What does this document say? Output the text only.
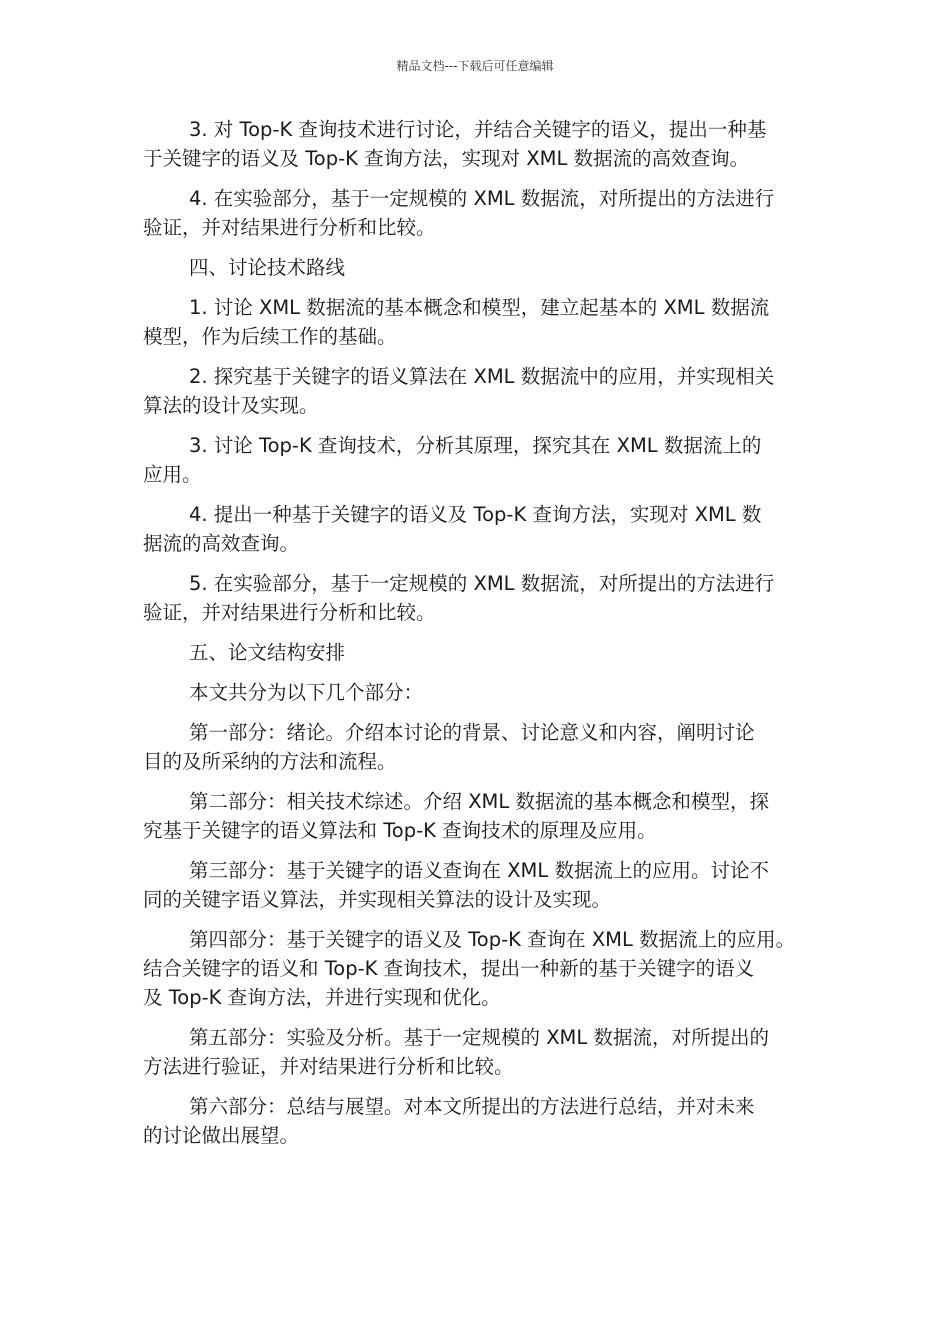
精品文档---下载后可任意编辑
3. 对 Top-K 查询技术进行讨论，并结合关键字的语义，提出一种基
于关键字的语义及 Top-K 查询方法，实现对 XML 数据流的高效查询。
4. 在实验部分，基于一定规模的 XML 数据流，对所提出的方法进行
验证，并对结果进行分析和比较。
四、讨论技术路线
1. 讨论 XML 数据流的基本概念和模型，建立起基本的 XML 数据流
模型，作为后续工作的基础。
2. 探究基于关键字的语义算法在 XML 数据流中的应用，并实现相关
算法的设计及实现。
3. 讨论 Top-K 查询技术，分析其原理，探究其在 XML 数据流上的
应用。
4. 提出一种基于关键字的语义及 Top-K 查询方法，实现对 XML 数
据流的高效查询。
5. 在实验部分，基于一定规模的 XML 数据流，对所提出的方法进行
验证，并对结果进行分析和比较。
五、论文结构安排
本文共分为以下几个部分：
第一部分：绪论。介绍本讨论的背景、讨论意义和内容，阐明讨论
目的及所采纳的方法和流程。
第二部分：相关技术综述。介绍 XML 数据流的基本概念和模型，探
究基于关键字的语义算法和 Top-K 查询技术的原理及应用。
第三部分：基于关键字的语义查询在 XML 数据流上的应用。讨论不
同的关键字语义算法，并实现相关算法的设计及实现。
第四部分：基于关键字的语义及 Top-K 查询在 XML 数据流上的应用。
结合关键字的语义和 Top-K 查询技术，提出一种新的基于关键字的语义
及 Top-K 查询方法，并进行实现和优化。
第五部分：实验及分析。基于一定规模的 XML 数据流，对所提出的
方法进行验证，并对结果进行分析和比较。
第六部分：总结与展望。对本文所提出的方法进行总结，并对未来
的讨论做出展望。
